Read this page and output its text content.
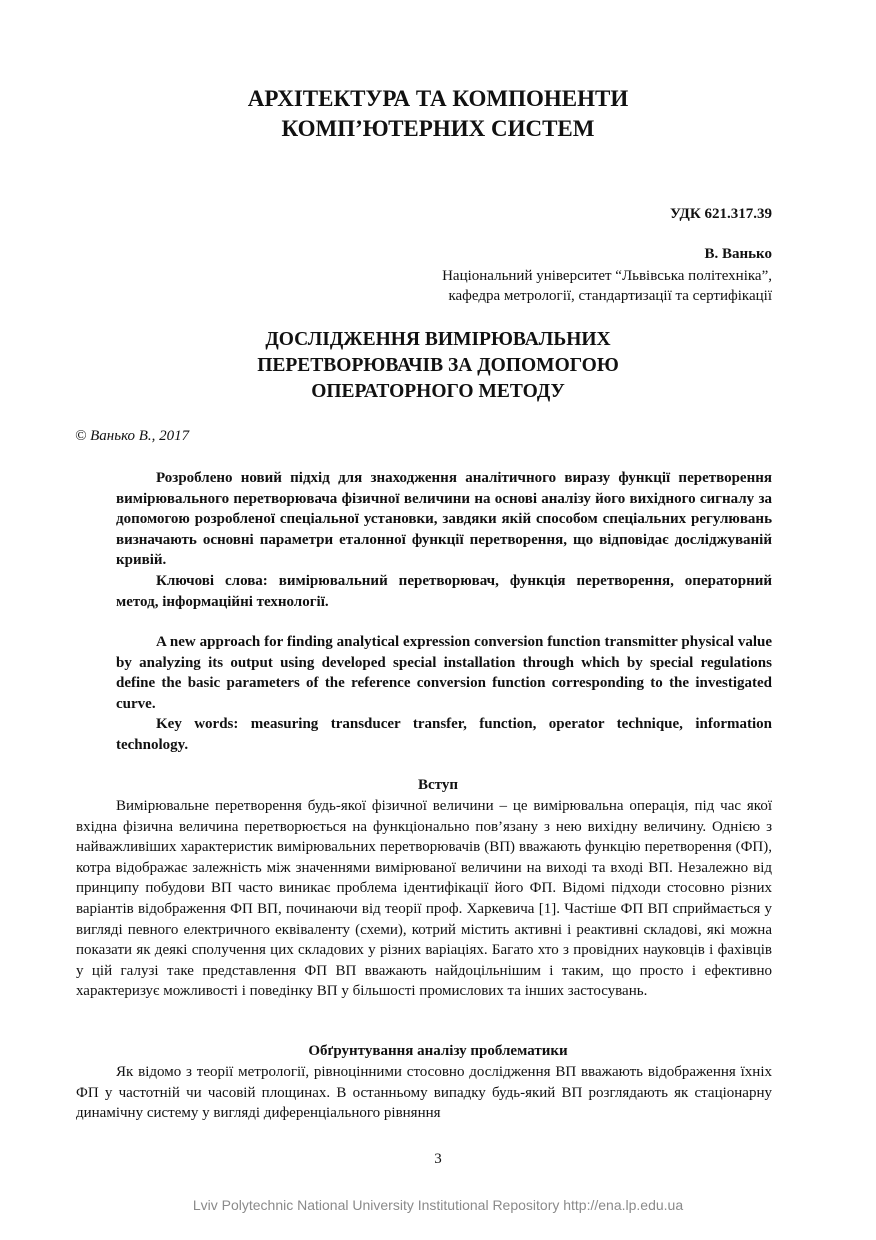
АРХІТЕКТУРА ТА КОМПОНЕНТИ
КОМП’ЮТЕРНИХ СИСТЕМ
УДК 621.317.39
В. Ванько
Національний університет “Львівська політехніка”,
кафедра метрології, стандартизації та сертифікації
ДОСЛІДЖЕННЯ ВИМІРЮВАЛЬНИХ
ПЕРЕТВОРЮВАЧІВ ЗА ДОПОМОГОЮ
ОПЕРАТОРНОГО МЕТОДУ
© Ванько В., 2017

Розроблено новий підхід для знаходження аналітичного виразу функції перетворення вимірювального перетворювача фізичної величини на основі аналізу його вихідного сигналу за допомогою розробленої спеціальної установки, завдяки якій способом спеціальних регулювань визначають основні параметри еталонної функції перетворення, що відповідає досліджуваній кривій.

Ключові слова: вимірювальний перетворювач, функція перетворення, операторний метод, інформаційні технології.

A new approach for finding analytical expression conversion function transmitter physical value by analyzing its output using developed special installation through which by special regulations define the basic parameters of the reference conversion function corresponding to the investigated curve.

Key words: measuring transducer transfer, function, operator technique, information technology.

Вступ

Вимірювальне перетворення будь-якої фізичної величини – це вимірювальна операція, під час якої вхідна фізична величина перетворюється на функціонально пов’язану з нею вихідну величину. Однією з найважливіших характеристик вимірювальних перетворювачів (ВП) вважають функцію перетворення (ФП), котра відображає залежність між значеннями вимірюваної величини на виході та вході ВП. Незалежно від принципу побудови ВП часто виникає проблема ідентифікації його ФП. Відомі підходи стосовно різних варіантів відображення ФП ВП, починаючи від теорії проф. Харкевича [1]. Частіше ФП ВП сприймається у вигляді певного електричного еквіваленту (схеми), котрий містить активні і реактивні складові, які можна показати як деякі сполучення цих складових у різних варіаціях. Багато хто з провідних науковців і фахівців у цій галузі таке представлення ФП ВП вважають найдоцільнішим і таким, що просто і ефективно характеризує можливості і поведінку ВП у більшості промислових та інших застосувань.

Обґрунтування аналізу проблематики

Як відомо з теорії метрології, рівноцінними стосовно дослідження ВП вважають відображення їхніх ФП у частотній чи часовій площинах. В останньому випадку будь-який ВП розглядають як стаціонарну динамічну систему у вигляді диференціального рівняння

3
Lviv Polytechnic National University Institutional Repository http://ena.lp.edu.ua
